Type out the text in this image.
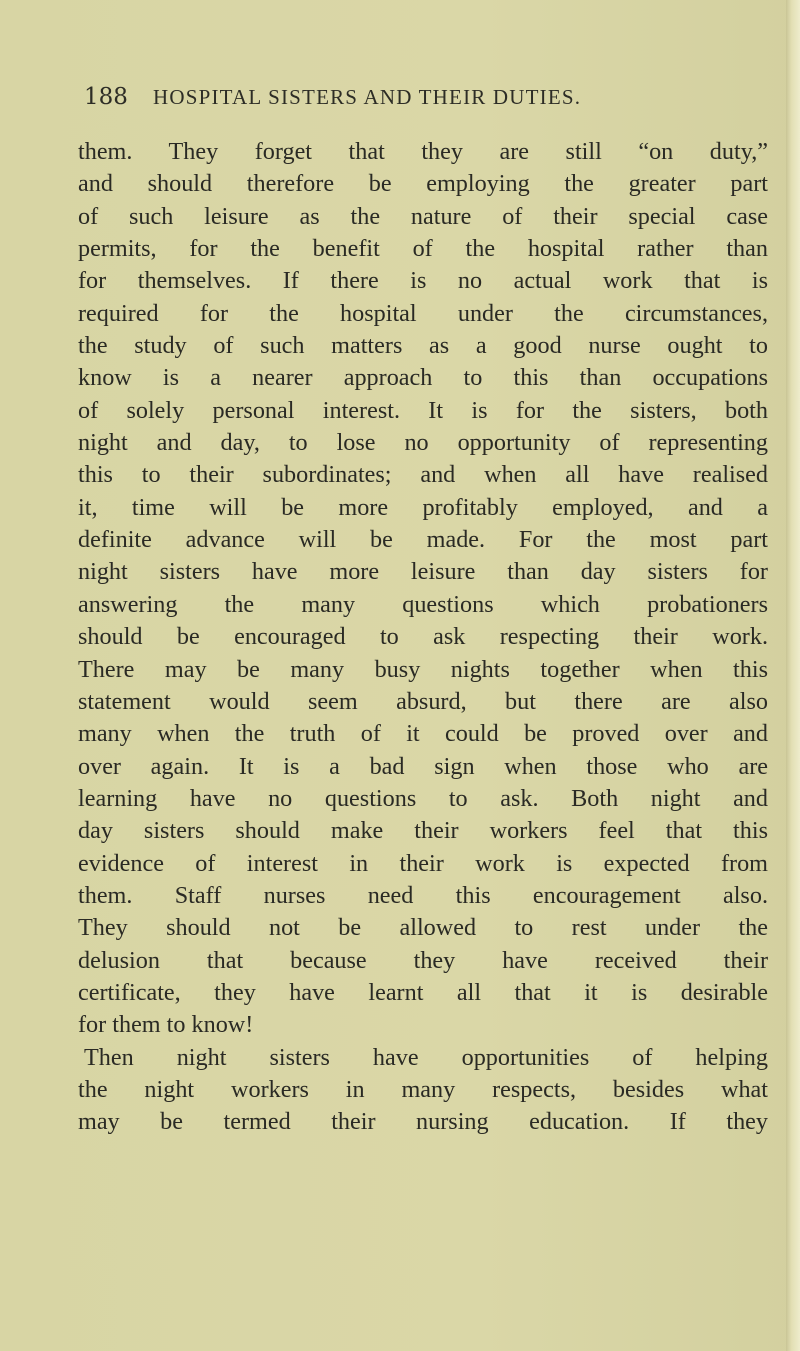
188 HOSPITAL SISTERS AND THEIR DUTIES.
them. They forget that they are still “on duty,”
and should therefore be employing the greater part
of such leisure as the nature of their special case
permits, for the benefit of the hospital rather than
for themselves. If there is no actual work that is
required for the hospital under the circumstances,
the study of such matters as a good nurse ought to
know is a nearer approach to this than occupations
of solely personal interest. It is for the sisters, both
night and day, to lose no opportunity of representing
this to their subordinates; and when all have realised
it, time will be more profitably employed, and a
definite advance will be made. For the most part
night sisters have more leisure than day sisters for
answering the many questions which probationers
should be encouraged to ask respecting their work.
There may be many busy nights together when this
statement would seem absurd, but there are also
many when the truth of it could be proved over and
over again. It is a bad sign when those who are
learning have no questions to ask. Both night and
day sisters should make their workers feel that this
evidence of interest in their work is expected from
them. Staff nurses need this encouragement also.
They should not be allowed to rest under the
delusion that because they have received their
certificate, they have learnt all that it is desirable
for them to know!
Then night sisters have opportunities of helping
the night workers in many respects, besides what
may be termed their nursing education. If they
